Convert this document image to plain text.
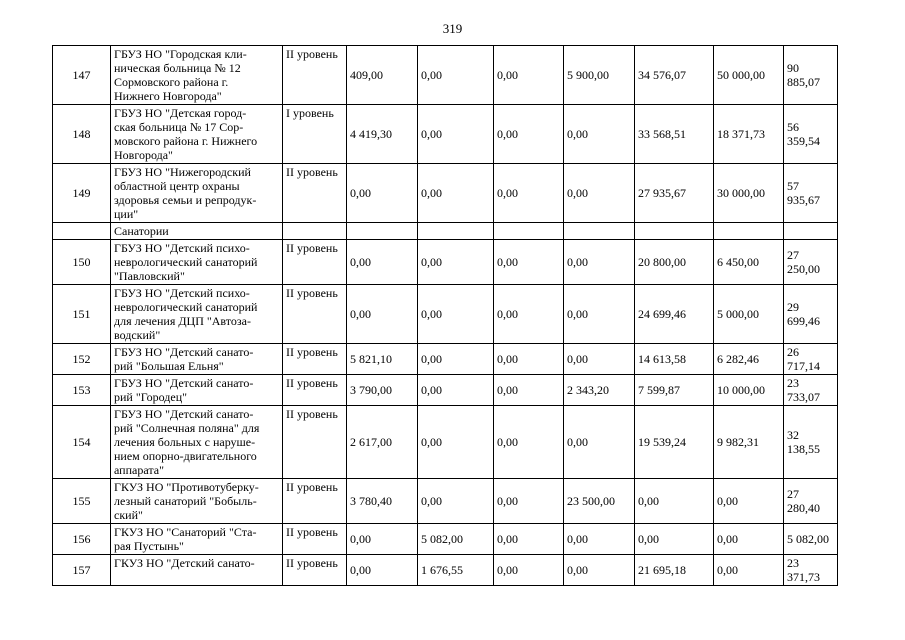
319
147	ГБУЗ НО "Городская кли-
ническая больница № 12
Сормовского района г.
Нижнего Новгорода"	II уровень	409,00	0,00	0,00	5 900,00	34 576,07	50 000,00	90 885,07
148	ГБУЗ НО "Детская город-
ская больница № 17 Сор-
мовского района г. Нижнего
Новгорода"	I уровень	4 419,30	0,00	0,00	0,00	33 568,51	18 371,73	56 359,54
149	ГБУЗ НО "Нижегородский
областной центр охраны
здоровья семьи и репродук-
ции"	II уровень	0,00	0,00	0,00	0,00	27 935,67	30 000,00	57 935,67
	Санатории								
150	ГБУЗ НО "Детский психо-
неврологический санаторий
"Павловский"	II уровень	0,00	0,00	0,00	0,00	20 800,00	6 450,00	27 250,00
151	ГБУЗ НО "Детский психо-
неврологический санаторий
для лечения ДЦП "Автоза-
водский"	II уровень	0,00	0,00	0,00	0,00	24 699,46	5 000,00	29 699,46
152	ГБУЗ НО "Детский санато-
рий "Большая Ельня"	II уровень	5 821,10	0,00	0,00	0,00	14 613,58	6 282,46	26 717,14
153	ГБУЗ НО "Детский санато-
рий "Городец"	II уровень	3 790,00	0,00	0,00	2 343,20	7 599,87	10 000,00	23 733,07
154	ГБУЗ НО "Детский санато-
рий "Солнечная поляна" для
лечения больных с наруше-
нием опорно-двигательного
аппарата"	II уровень	2 617,00	0,00	0,00	0,00	19 539,24	9 982,31	32 138,55
155	ГКУЗ НО "Противотуберку-
лезный санаторий "Бобыль-
ский"	II уровень	3 780,40	0,00	0,00	23 500,00	0,00	0,00	27 280,40
156	ГКУЗ НО "Санаторий "Ста-
рая Пустынь"	II уровень	0,00	5 082,00	0,00	0,00	0,00	0,00	5 082,00
157	ГКУЗ НО "Детский санато-	II уровень	0,00	1 676,55	0,00	0,00	21 695,18	0,00	23 371,73
